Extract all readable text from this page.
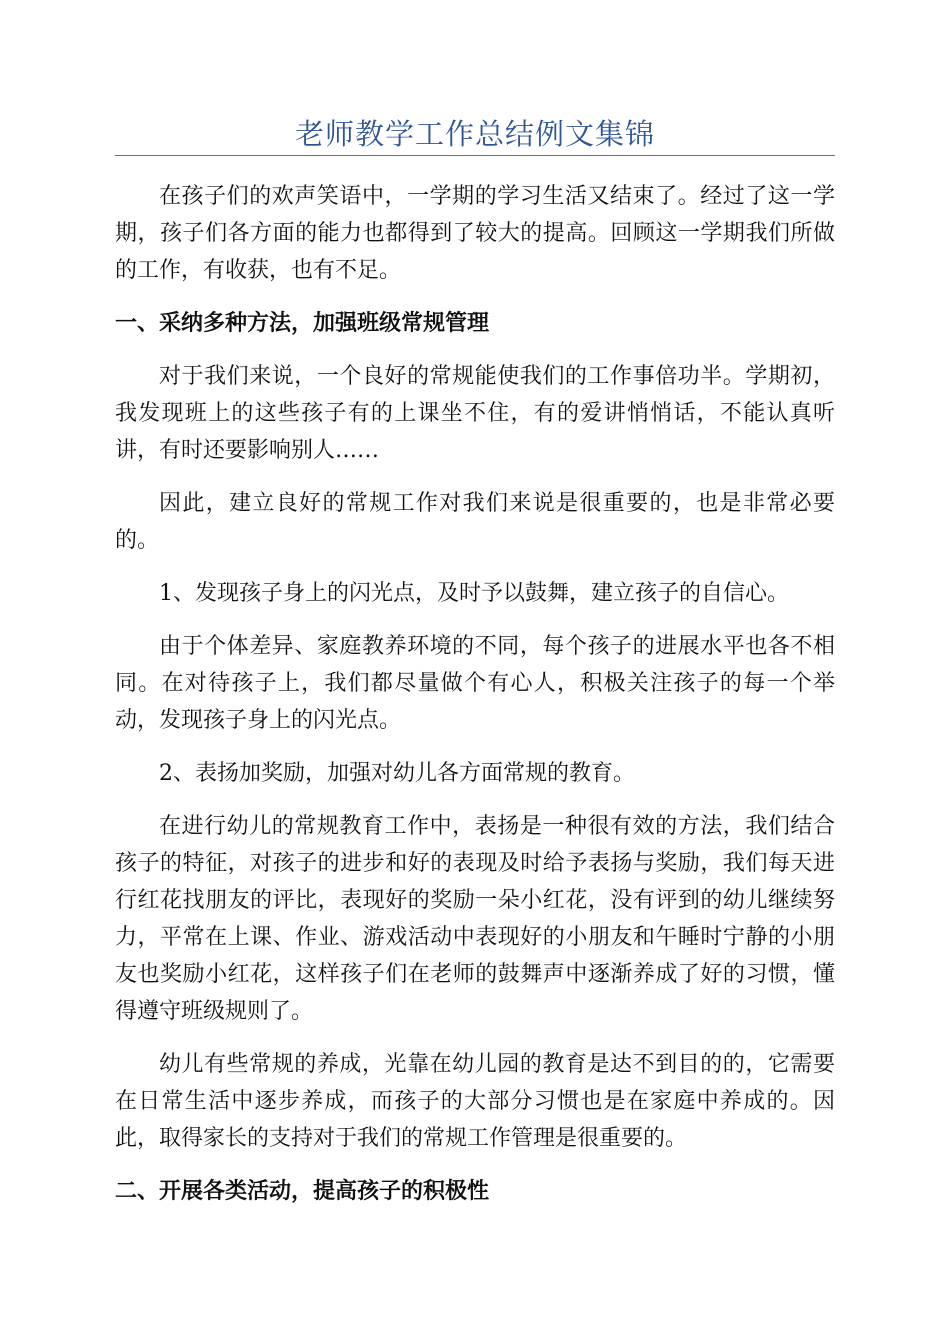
老师教学工作总结例文集锦

在孩子们的欢声笑语中，一学期的学习生活又结束了。经过了这一学期，孩子们各方面的能力也都得到了较大的提高。回顾这一学期我们所做的工作，有收获，也有不足。

一、采纳多种方法，加强班级常规管理

对于我们来说，一个良好的常规能使我们的工作事倍功半。学期初，我发现班上的这些孩子有的上课坐不住，有的爱讲悄悄话，不能认真听讲，有时还要影响别人……

因此，建立良好的常规工作对我们来说是很重要的，也是非常必要的。

1、发现孩子身上的闪光点，及时予以鼓舞，建立孩子的自信心。

由于个体差异、家庭教养环境的不同，每个孩子的进展水平也各不相同。在对待孩子上，我们都尽量做个有心人，积极关注孩子的每一个举动，发现孩子身上的闪光点。

2、表扬加奖励，加强对幼儿各方面常规的教育。

在进行幼儿的常规教育工作中，表扬是一种很有效的方法，我们结合孩子的特征，对孩子的进步和好的表现及时给予表扬与奖励，我们每天进行红花找朋友的评比，表现好的奖励一朵小红花，没有评到的幼儿继续努力，平常在上课、作业、游戏活动中表现好的小朋友和午睡时宁静的小朋友也奖励小红花，这样孩子们在老师的鼓舞声中逐渐养成了好的习惯，懂得遵守班级规则了。

幼儿有些常规的养成，光靠在幼儿园的教育是达不到目的的，它需要在日常生活中逐步养成，而孩子的大部分习惯也是在家庭中养成的。因此，取得家长的支持对于我们的常规工作管理是很重要的。

二、开展各类活动，提高孩子的积极性
